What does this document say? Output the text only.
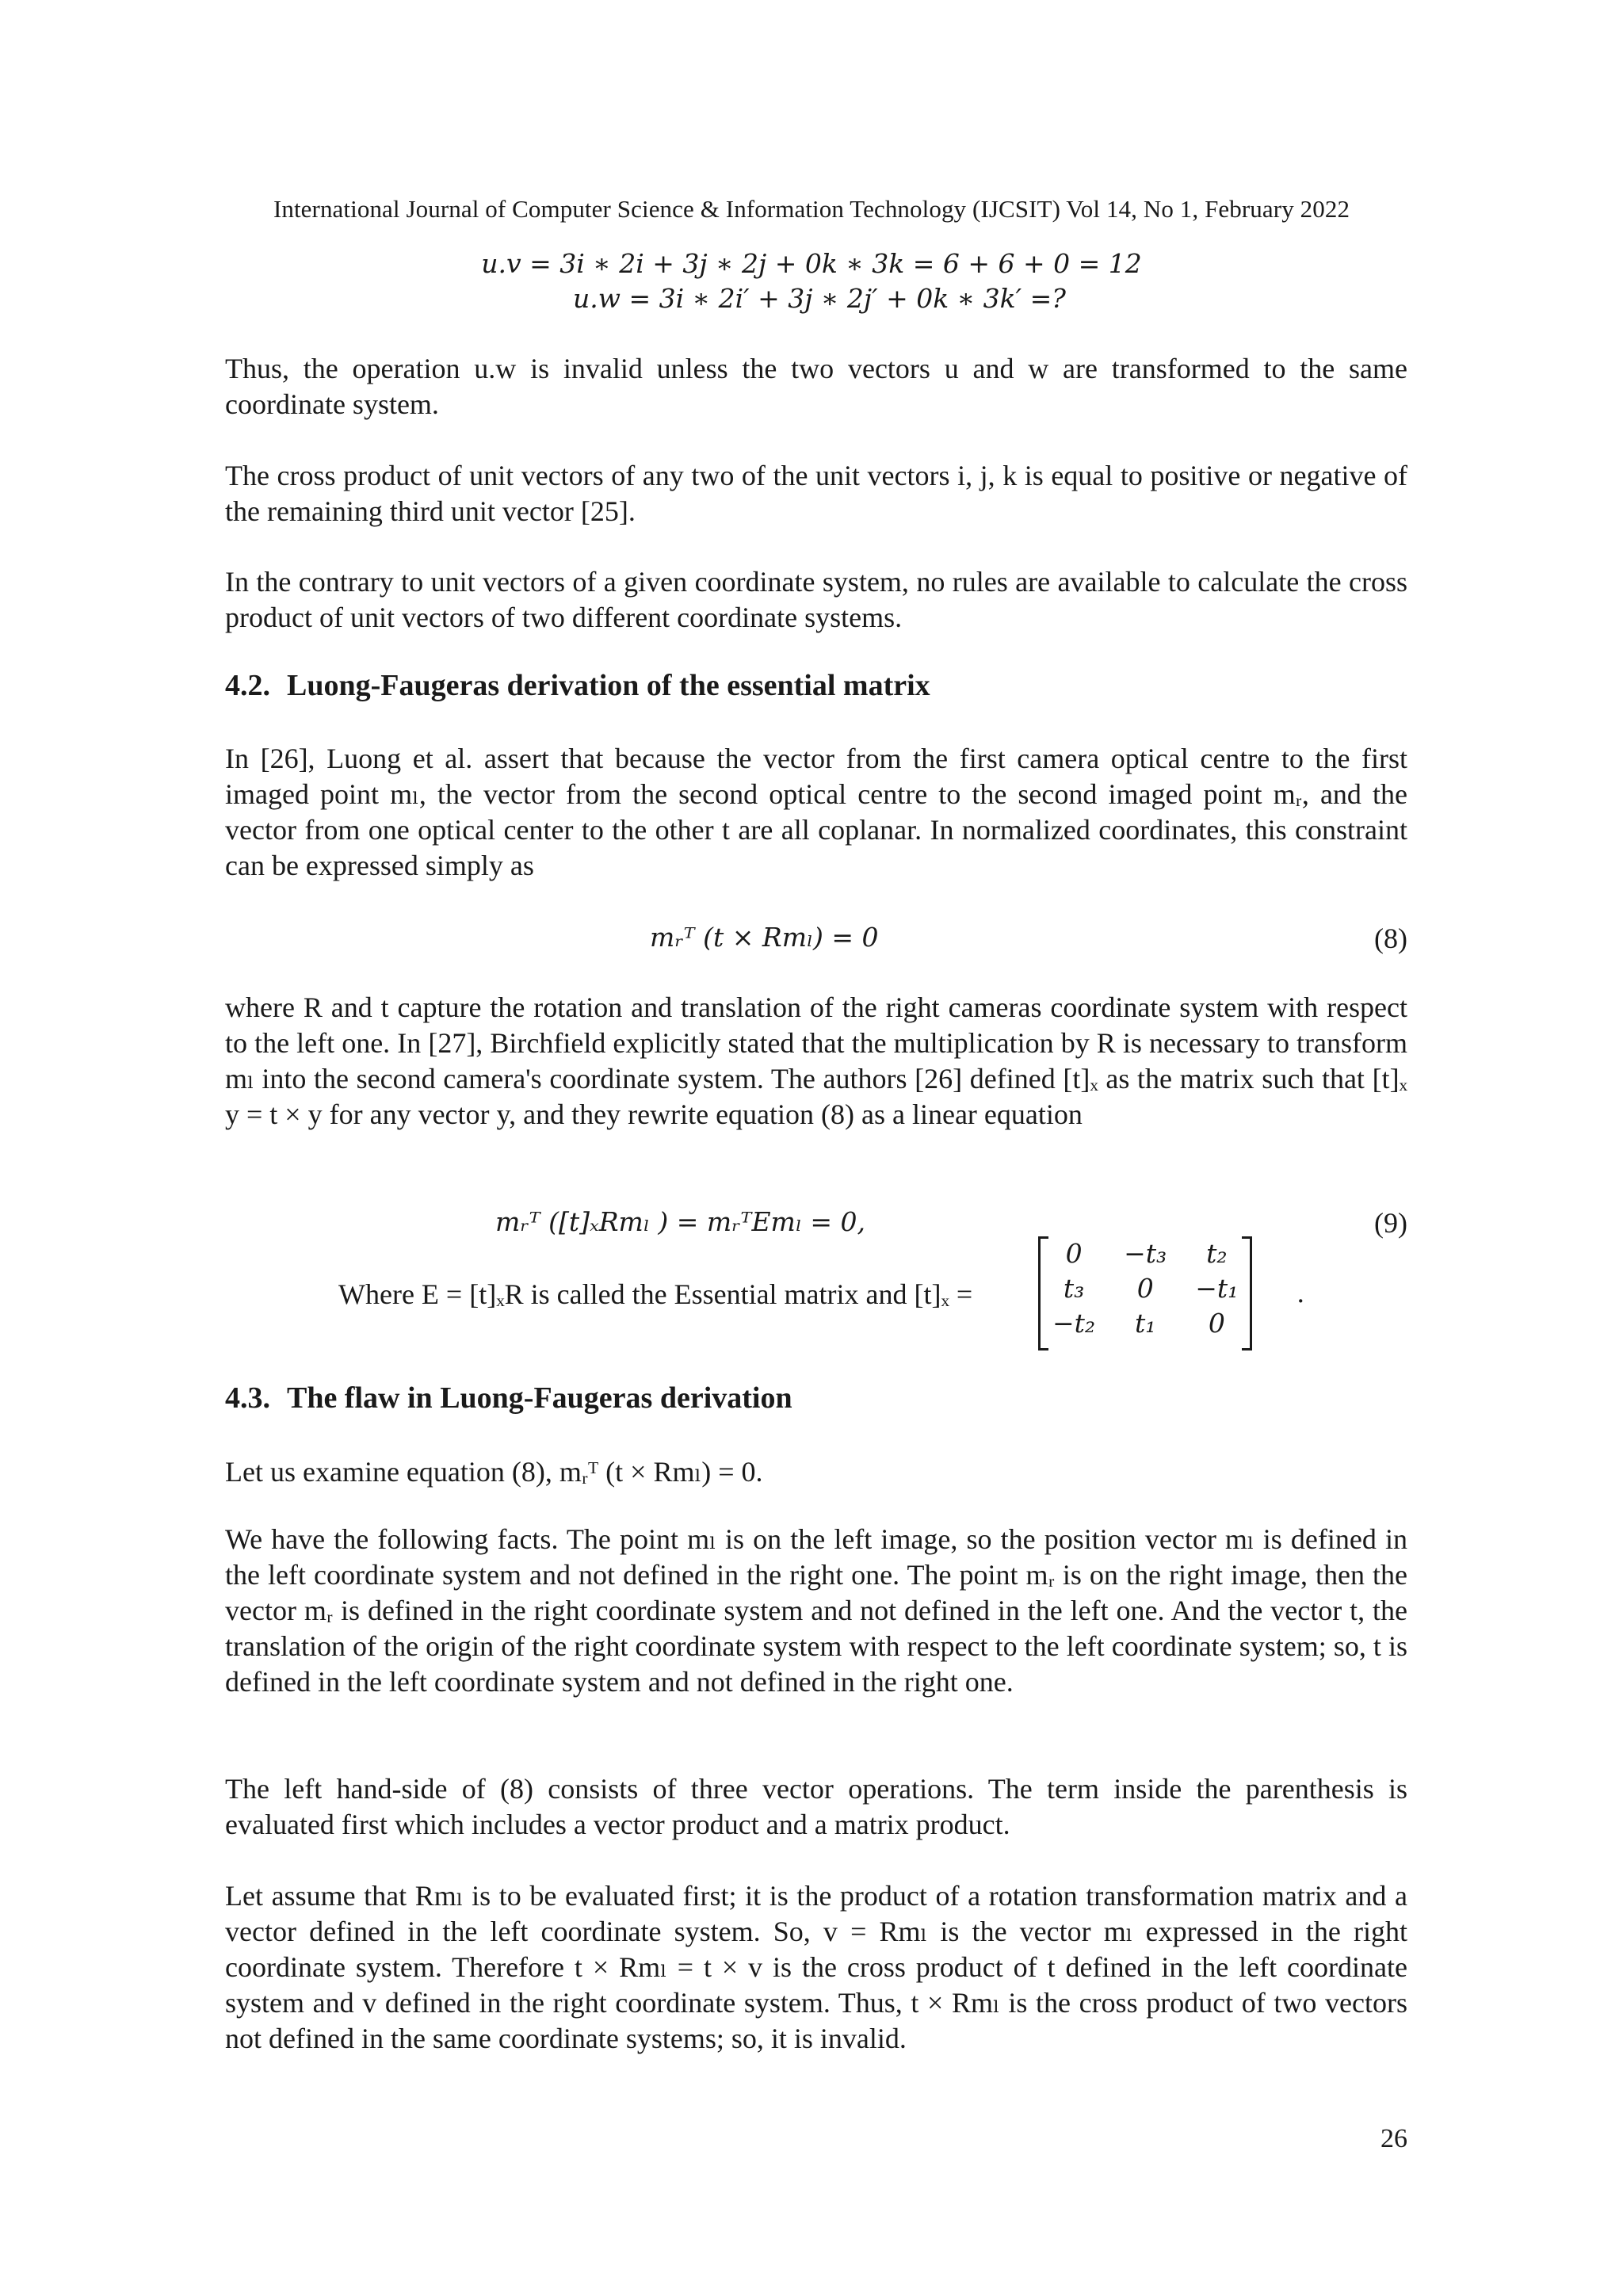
International Journal of Computer Science & Information Technology (IJCSIT) Vol 14, No 1, February 2022
u.v = 3i ∗ 2i + 3j ∗ 2j + 0k ∗ 3k = 6 + 6 + 0 = 12
u.w = 3i ∗ 2i′ + 3j ∗ 2j′ + 0k ∗ 3k′ =?

Thus, the operation u.w is invalid unless the two vectors u and w are transformed to the same coordinate system.

The cross product of unit vectors of any two of the unit vectors i, j, k is equal to positive or negative of the remaining third unit vector [25].

In the contrary to unit vectors of a given coordinate system, no rules are available to calculate the cross product of unit vectors of two different coordinate systems.

4.2. Luong-Faugeras derivation of the essential matrix

In [26], Luong et al. assert that because the vector from the first camera optical centre to the first imaged point mₗ, the vector from the second optical centre to the second imaged point mᵣ, and the vector from one optical center to the other t are all coplanar. In normalized coordinates, this constraint can be expressed simply as

mᵣᵀ (t × Rmₗ) = 0	(8)

where R and t capture the rotation and translation of the right cameras coordinate system with respect to the left one. In [27], Birchfield explicitly stated that the multiplication by R is necessary to transform mₗ into the second camera's coordinate system. The authors [26] defined [t]ₓ as the matrix such that [t]ₓ y = t × y for any vector y, and they rewrite equation (8) as a linear equation

mᵣᵀ ([t]ₓRmₗ ) = mᵣᵀEmₗ = 0,	(9)
Where E = [t]ₓR is called the Essential matrix and [t]ₓ =
0	−t₃	t₂
t₃	0	−t₁
−t₂	t₁	0
.
4.3. The flaw in Luong-Faugeras derivation

Let us examine equation (8), mᵣᵀ (t × Rmₗ) = 0.

We have the following facts. The point mₗ is on the left image, so the position vector mₗ is defined in the left coordinate system and not defined in the right one. The point mᵣ is on the right image, then the vector mᵣ is defined in the right coordinate system and not defined in the left one. And the vector t, the translation of the origin of the right coordinate system with respect to the left coordinate system; so, t is defined in the left coordinate system and not defined in the right one.

The left hand-side of (8) consists of three vector operations. The term inside the parenthesis is evaluated first which includes a vector product and a matrix product.

Let assume that Rmₗ is to be evaluated first; it is the product of a rotation transformation matrix and a vector defined in the left coordinate system. So, v = Rmₗ is the vector mₗ expressed in the right coordinate system. Therefore t × Rmₗ = t × v is the cross product of t defined in the left coordinate system and v defined in the right coordinate system. Thus, t × Rmₗ is the cross product of two vectors not defined in the same coordinate systems; so, it is invalid.

26
